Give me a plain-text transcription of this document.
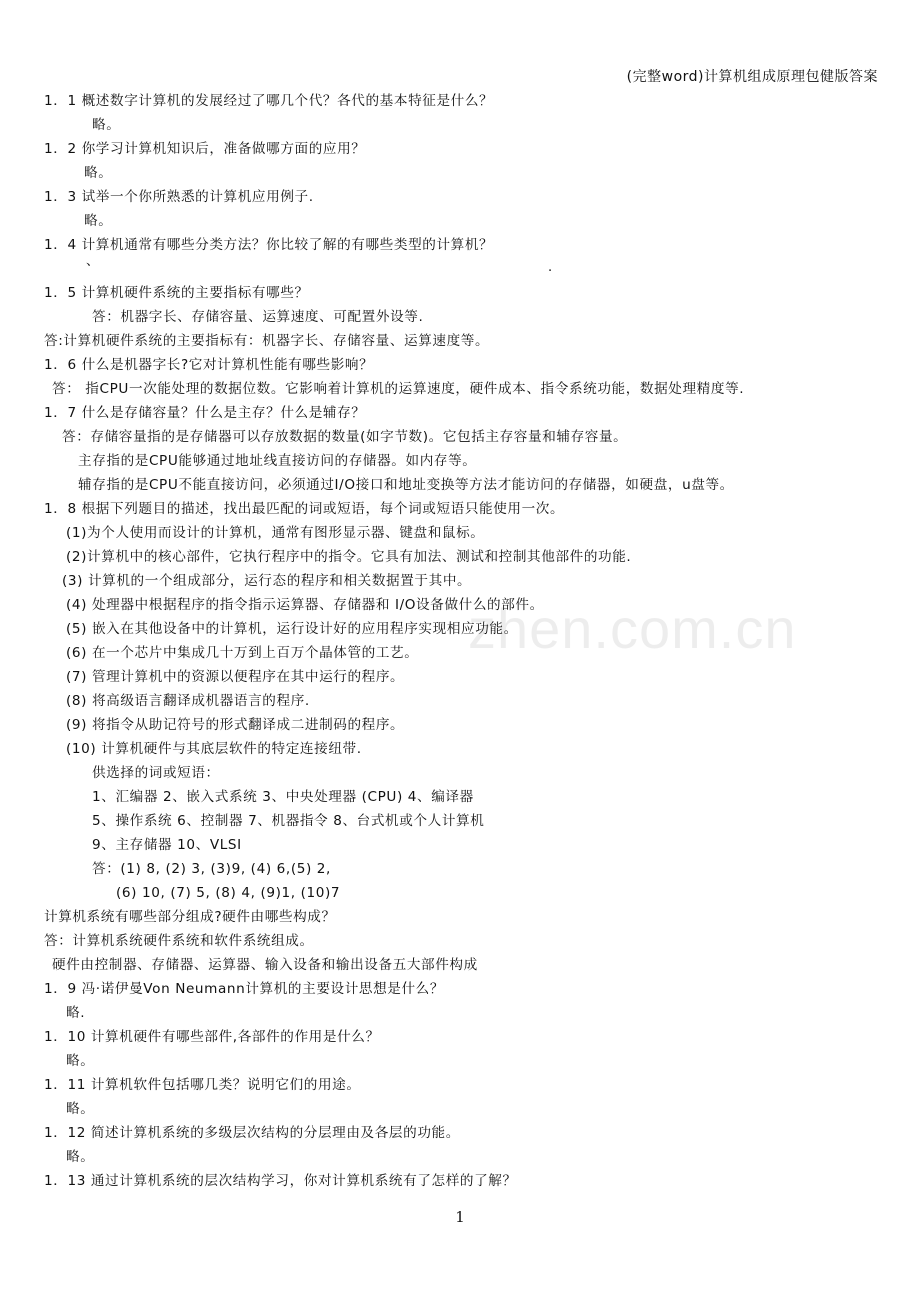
zhen.com.cn
(完整word)计算机组成原理包健版答案
1．1 概述数字计算机的发展经过了哪几个代？各代的基本特征是什么？
略。
1．2 你学习计算机知识后，准备做哪方面的应用？
略。
1．3 试举一个你所熟悉的计算机应用例子.
略。
1．4 计算机通常有哪些分类方法？你比较了解的有哪些类型的计算机？
、	.
1．5 计算机硬件系统的主要指标有哪些？
答：机器字长、存储容量、运算速度、可配置外设等.
答:计算机硬件系统的主要指标有：机器字长、存储容量、运算速度等。
1．6 什么是机器字长?它对计算机性能有哪些影响？
答： 指CPU一次能处理的数据位数。它影响着计算机的运算速度，硬件成本、指令系统功能，数据处理精度等.
1．7 什么是存储容量？什么是主存？什么是辅存？
答：存储容量指的是存储器可以存放数据的数量(如字节数)。它包括主存容量和辅存容量。
主存指的是CPU能够通过地址线直接访问的存储器。如内存等。
辅存指的是CPU不能直接访问，必须通过I/O接口和地址变换等方法才能访问的存储器，如硬盘，u盘等。
1．8 根据下列题目的描述，找出最匹配的词或短语，每个词或短语只能使用一次。
(1)为个人使用而设计的计算机，通常有图形显示器、键盘和鼠标。
(2)计算机中的核心部件，它执行程序中的指令。它具有加法、测试和控制其他部件的功能.
(3) 计算机的一个组成部分，运行态的程序和相关数据置于其中。
(4) 处理器中根据程序的指令指示运算器、存储器和 I/O设备做什么的部件。
(5) 嵌入在其他设备中的计算机，运行设计好的应用程序实现相应功能。
(6) 在一个芯片中集成几十万到上百万个晶体管的工艺。
(7) 管理计算机中的资源以便程序在其中运行的程序。
(8) 将高级语言翻译成机器语言的程序.
(9) 将指令从助记符号的形式翻译成二进制码的程序。
(10) 计算机硬件与其底层软件的特定连接纽带.
供选择的词或短语：
1、汇编器 2、嵌入式系统 3、中央处理器 (CPU) 4、编译器
5、操作系统 6、控制器 7、机器指令 8、台式机或个人计算机
9、主存储器 10、VLSI
答：(1) 8, (2) 3, (3)9, (4) 6,(5) 2,
(6) 10, (7) 5, (8) 4, (9)1, (10)7
计算机系统有哪些部分组成?硬件由哪些构成？
答：计算机系统硬件系统和软件系统组成。
硬件由控制器、存储器、运算器、输入设备和输出设备五大部件构成
1．9 冯·诺伊曼Von Neumann计算机的主要设计思想是什么？
略.
1．10 计算机硬件有哪些部件,各部件的作用是什么？
略。
1．11 计算机软件包括哪几类？说明它们的用途。
略。
1．12 简述计算机系统的多级层次结构的分层理由及各层的功能。
略。
1．13 通过计算机系统的层次结构学习，你对计算机系统有了怎样的了解？
1
